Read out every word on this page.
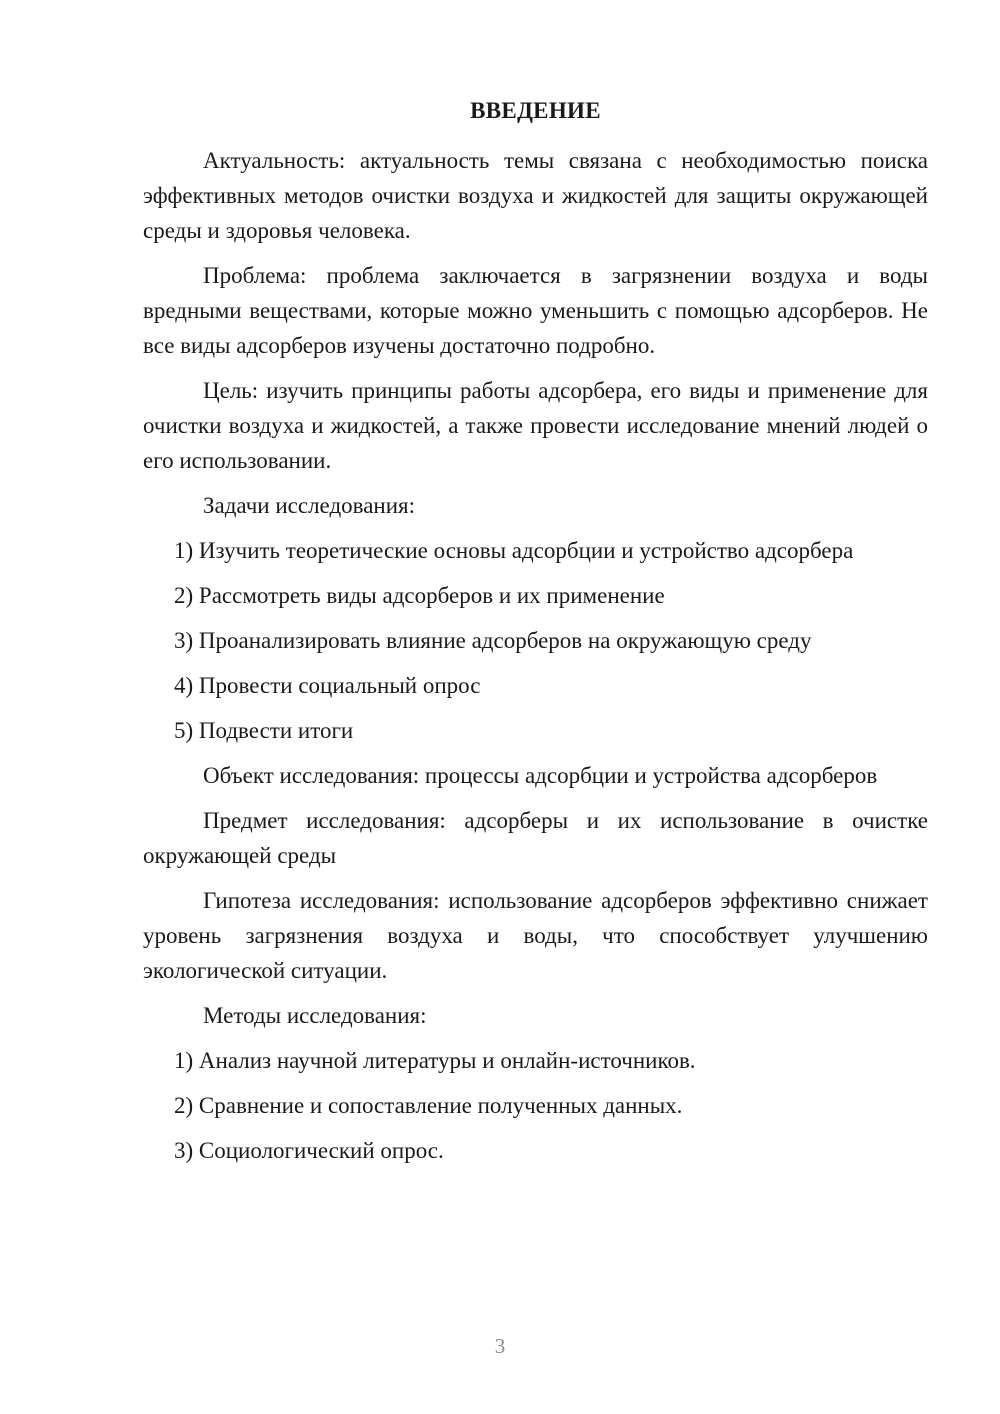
ВВЕДЕНИЕ

Актуальность: актуальность темы связана с необходимостью поиска эффективных методов очистки воздуха и жидкостей для защиты окружающей среды и здоровья человека.

Проблема: проблема заключается в загрязнении воздуха и воды вредными веществами, которые можно уменьшить с помощью адсорберов. Не все виды адсорберов изучены достаточно подробно.

Цель: изучить принципы работы адсорбера, его виды и применение для очистки воздуха и жидкостей, а также провести исследование мнений людей о его использовании.

Задачи исследования:

1) Изучить теоретические основы адсорбции и устройство адсорбера
2) Рассмотреть виды адсорберов и их применение
3) Проанализировать влияние адсорберов на окружающую среду
4) Провести социальный опрос
5) Подвести итоги

Объект исследования: процессы адсорбции и устройства адсорберов

Предмет исследования: адсорберы и их использование в очистке окружающей среды

Гипотеза исследования: использование адсорберов эффективно снижает уровень загрязнения воздуха и воды, что способствует улучшению экологической ситуации.

Методы исследования:

1) Анализ научной литературы и онлайн-источников.
2) Сравнение и сопоставление полученных данных.
3) Социологический опрос.
3
